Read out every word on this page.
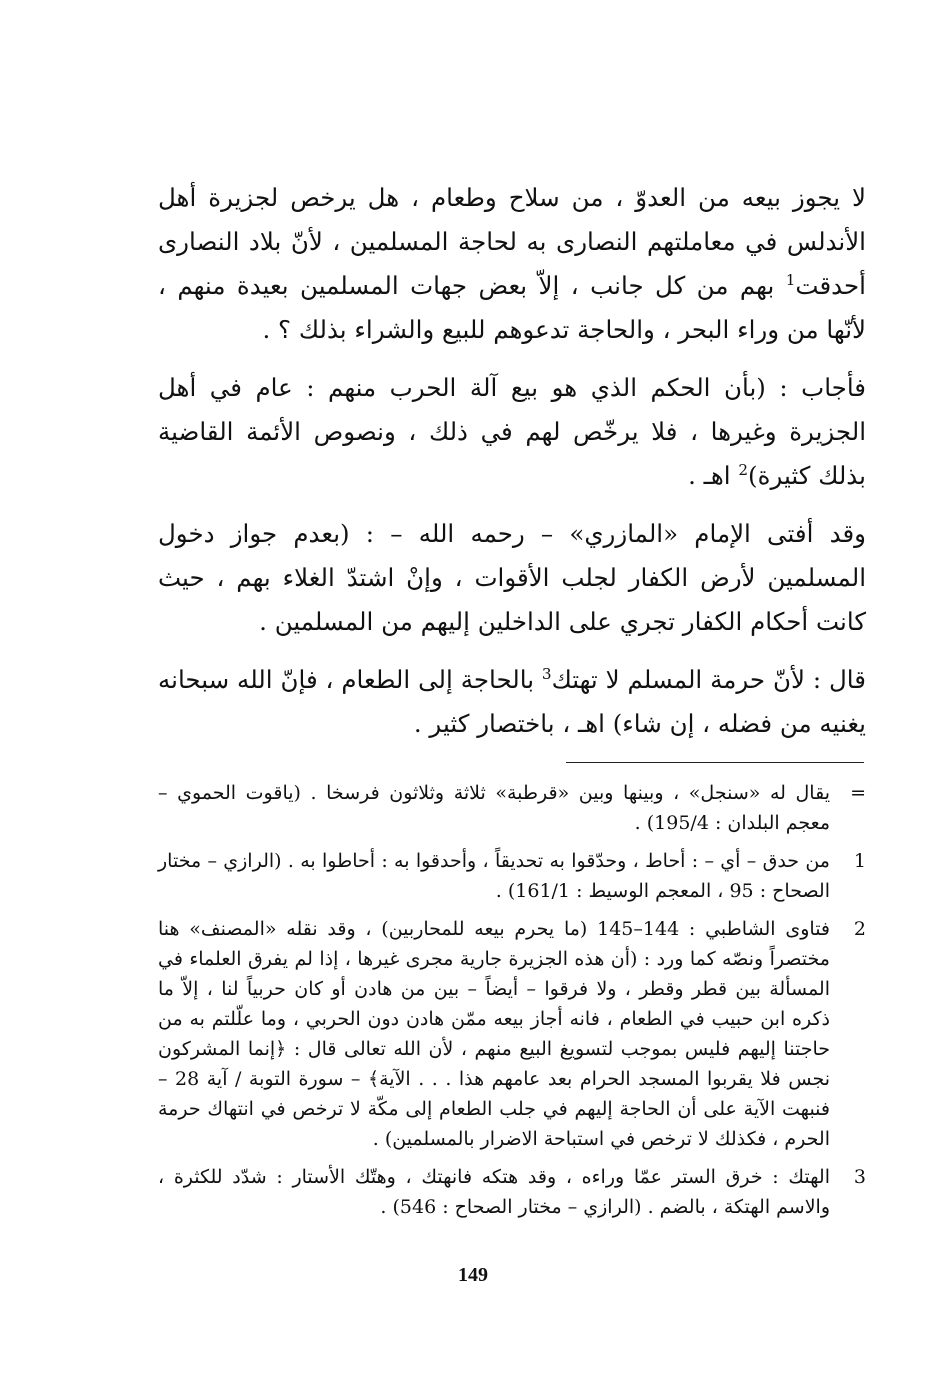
لا يجوز بيعه من العدوّ ، من سلاح وطعام ، هل يرخص لجزيرة أهل الأندلس في معاملتهم النصارى به لحاجة المسلمين ، لأنّ بلاد النصارى أحدقت$^1$ بهم من كل جانب ، إلاّ بعض جهات المسلمين بعيدة منهم ، لأنّها من وراء البحر ، والحاجة تدعوهم للبيع والشراء بذلك ؟ .

فأجاب : (بأن الحكم الذي هو بيع آلة الحرب منهم : عام في أهل الجزيرة وغيرها ، فلا يرخّص لهم في ذلك ، ونصوص الأئمة القاضية بذلك كثيرة)$^2$ اهـ .

وقد أفتى الإمام «المازري» – رحمه الله – : (بعدم جواز دخول المسلمين لأرض الكفار لجلب الأقوات ، وإنْ اشتدّ الغلاء بهم ، حيث كانت أحكام الكفار تجري على الداخلين إليهم من المسلمين .

قال : لأنّ حرمة المسلم لا تهتك$^3$ بالحاجة إلى الطعام ، فإنّ الله سبحانه يغنيه من فضله ، إن شاء) اهـ ، باختصار كثير .

=
يقال له «سنجل» ، وبينها وبين «قرطبة» ثلاثة وثلاثون فرسخا . (ياقوت الحموي – معجم البلدان : 195/4) .
1
من حدق – أي – : أحاط ، وحدّقوا به تحديقاً ، وأحدقوا به : أحاطوا به . (الرازي – مختار الصحاح : 95 ، المعجم الوسيط : 161/1) .
2
فتاوى الشاطبي : 144–145 (ما يحرم بيعه للمحاربين) ، وقد نقله «المصنف» هنا مختصراً ونصّه كما ورد : (أن هذه الجزيرة جارية مجرى غيرها ، إذا لم يفرق العلماء في المسألة بين قطر وقطر ، ولا فرقوا – أيضاً – بين من هادن أو كان حربياً لنا ، إلاّ ما ذكره ابن حبيب في الطعام ، فانه أجاز بيعه ممّن هادن دون الحربي ، وما علّلتم به من حاجتنا إليهم فليس بموجب لتسويغ البيع منهم ، لأن الله تعالى قال : ﴿إنما المشركون نجس فلا يقربوا المسجد الحرام بعد عامهم هذا . . . الآية﴾ – سورة التوبة / آية 28 – فنبهت الآية على أن الحاجة إليهم في جلب الطعام إلى مكّة لا ترخص في انتهاك حرمة الحرم ، فكذلك لا ترخص في استباحة الاضرار بالمسلمين) .
3
الهتك : خرق الستر عمّا وراءه ، وقد هتكه فانهتك ، وهتّك الأستار : شدّد للكثرة ، والاسم الهتكة ، بالضم . (الرازي – مختار الصحاح : 546) .
149
